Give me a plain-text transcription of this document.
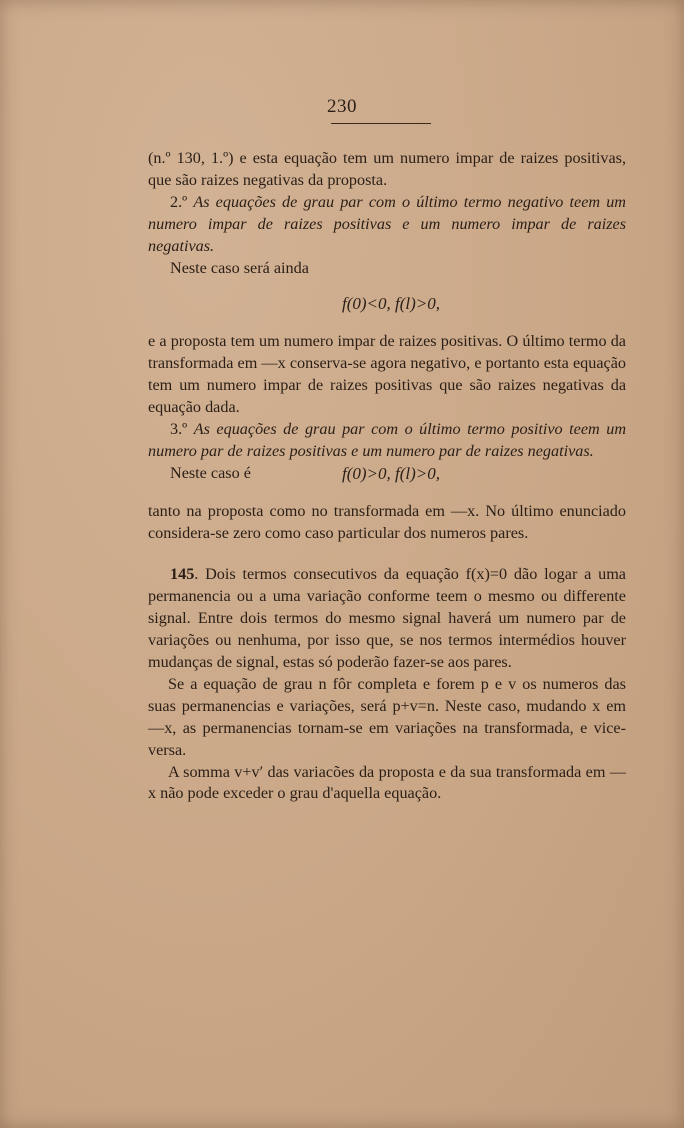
230

(n.º 130, 1.º) e esta equação tem um numero impar de raizes positivas, que são raizes negativas da proposta.

2.º As equações de grau par com o último termo negativo teem um numero impar de raizes positivas e um numero impar de raizes negativas.

Neste caso será ainda

f(0)<0, f(l)>0,

e a proposta tem um numero impar de raizes positivas. O último termo da transformada em —x conserva-se agora negativo, e portanto esta equação tem um numero impar de raizes positivas que são raizes negativas da equação dada.

3.º As equações de grau par com o último termo positivo teem um numero par de raizes positivas e um numero par de raizes negativas.

Neste caso é	f(0)>0, f(l)>0,

tanto na proposta como no transformada em —x. No último enunciado considera-se zero como caso particular dos numeros pares.

145. Dois termos consecutivos da equação f(x)=0 dão logar a uma permanencia ou a uma variação conforme teem o mesmo ou differente signal. Entre dois termos do mesmo signal haverá um numero par de variações ou nenhuma, por isso que, se nos termos intermédios houver mudanças de signal, estas só poderão fazer-se aos pares.

Se a equação de grau n fôr completa e forem p e v os numeros das suas permanencias e variações, será p+v=n. Neste caso, mudando x em —x, as permanencias tornam-se em variações na transformada, e vice-versa.

A somma v+v′ das variacões da proposta e da sua transformada em —x não pode exceder o grau d'aquella equação.
